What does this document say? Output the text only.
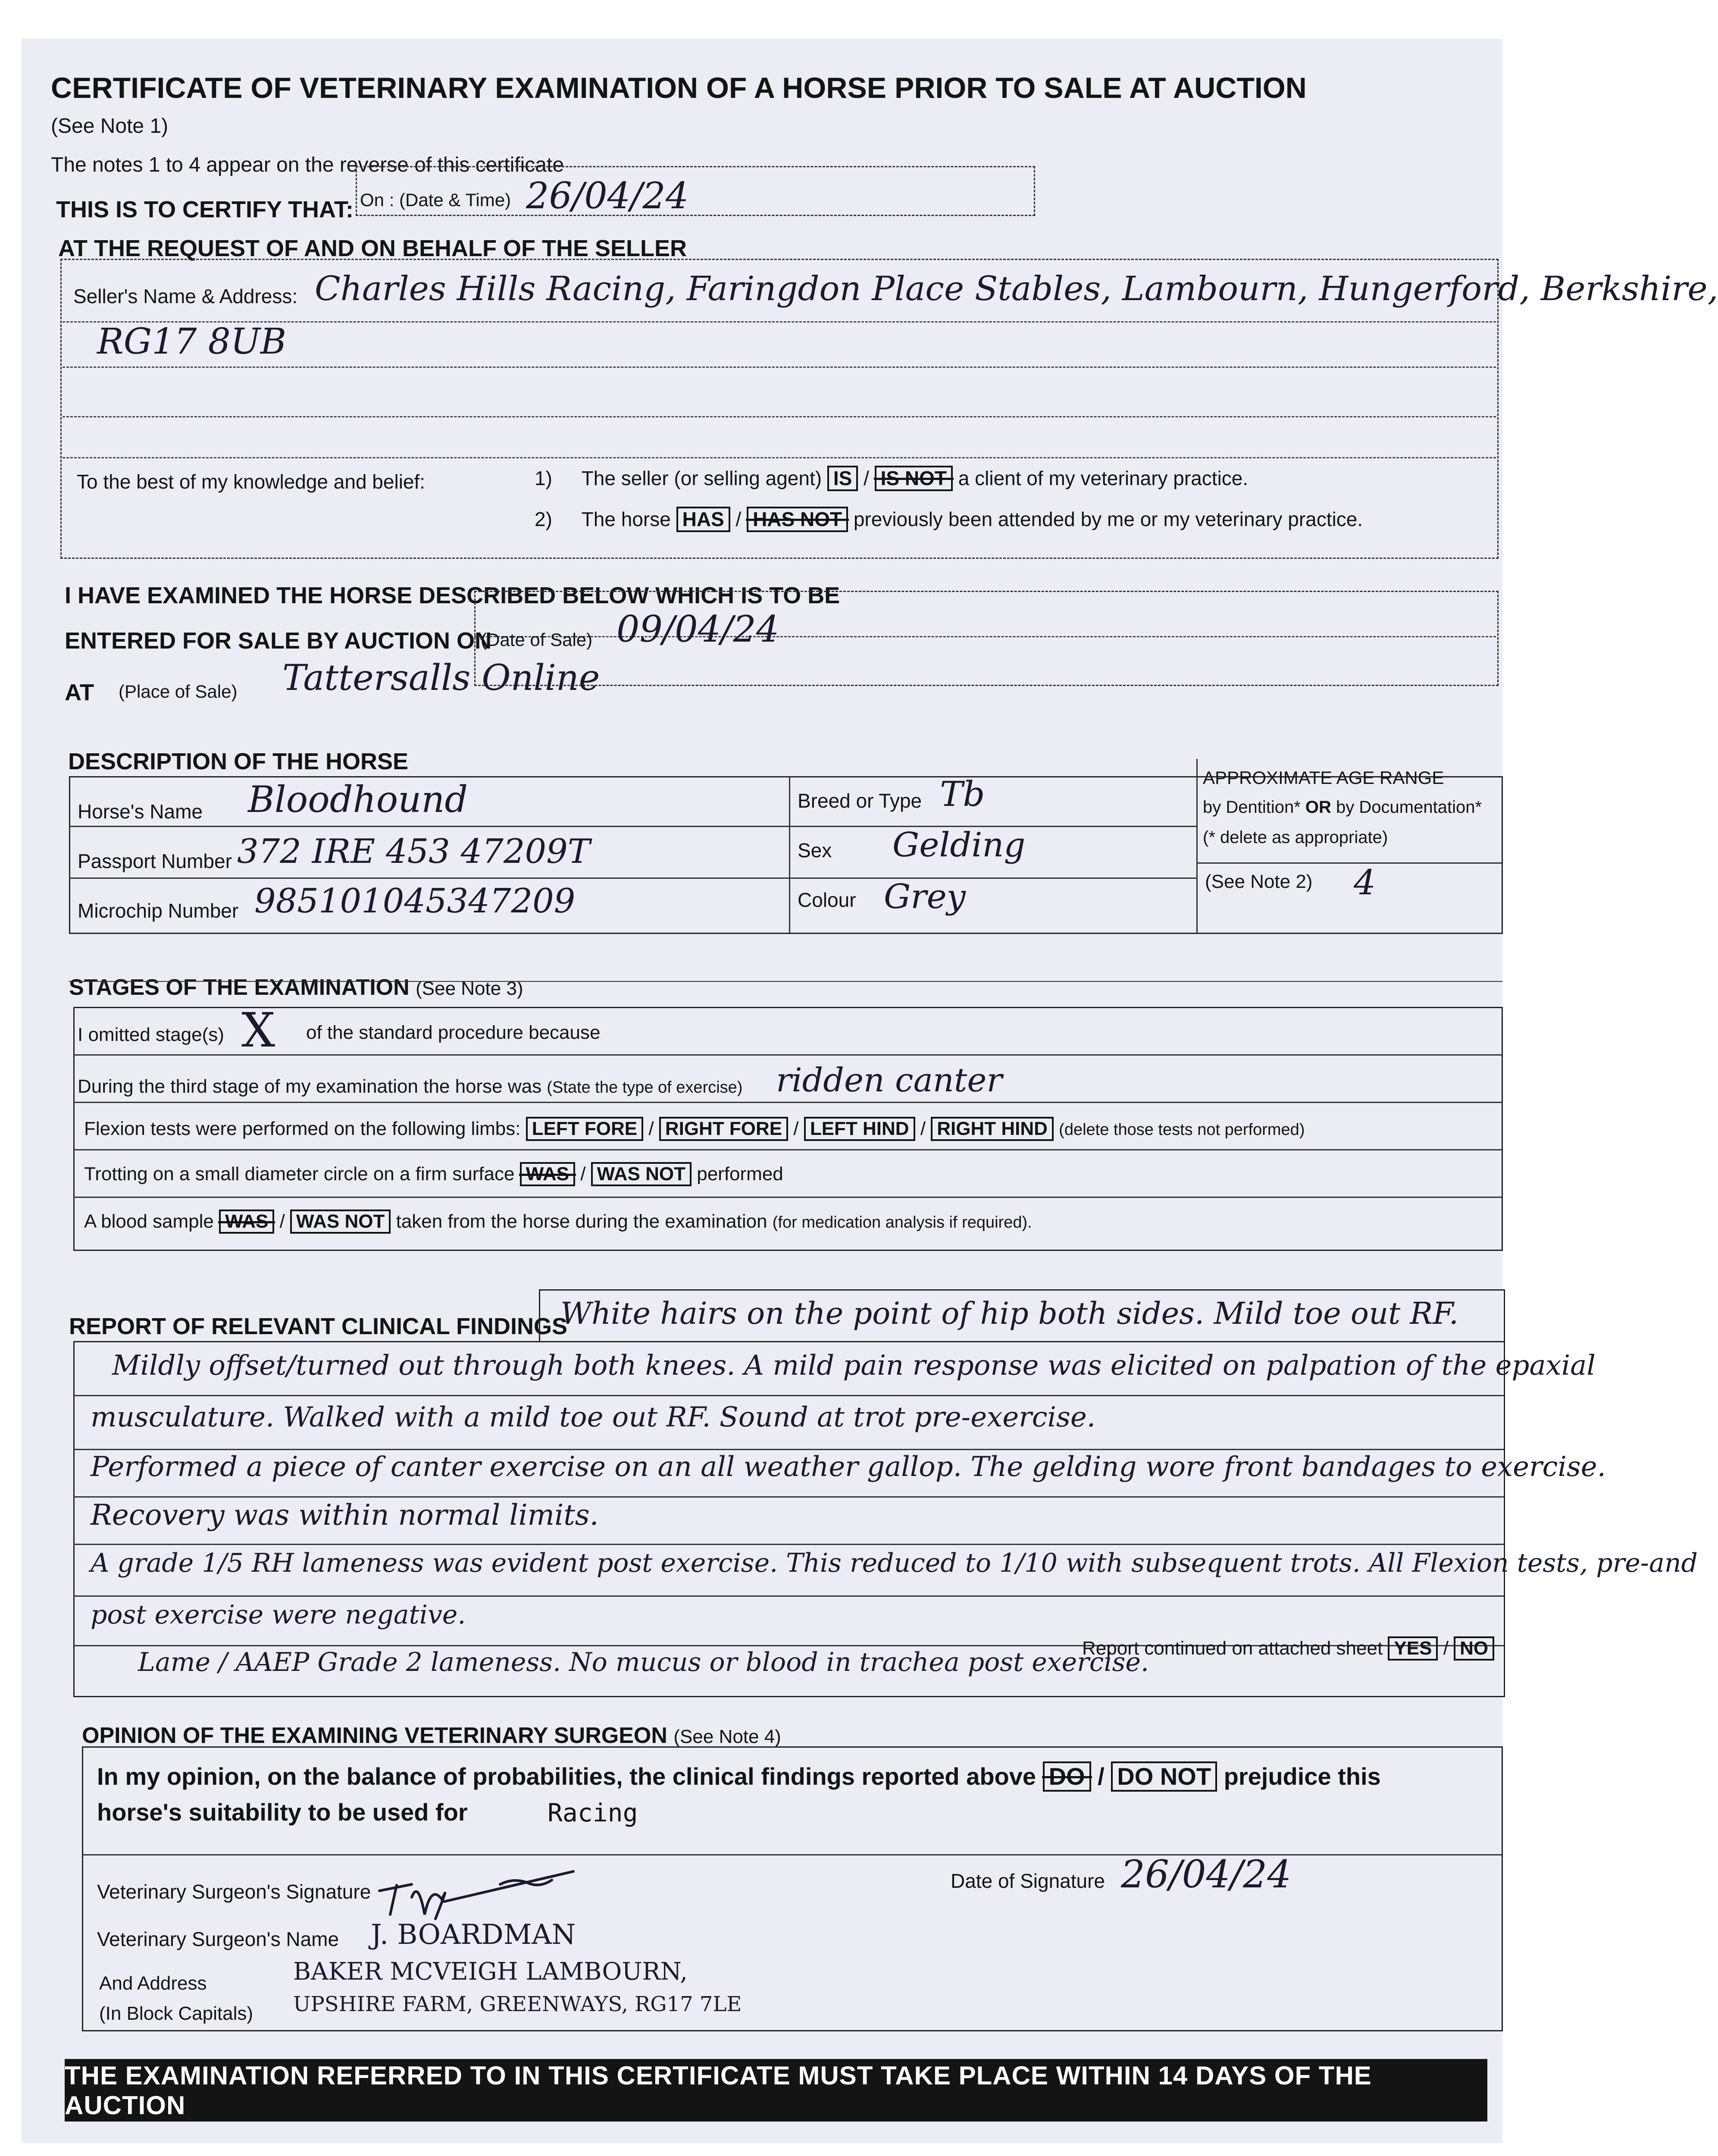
CERTIFICATE OF VETERINARY EXAMINATION OF A HORSE PRIOR TO SALE AT AUCTION
(See Note 1)
The notes 1 to 4 appear on the reverse of this certificate
THIS IS TO CERTIFY THAT: On : (Date & Time) 26/04/24
AT THE REQUEST OF AND ON BEHALF OF THE SELLER
Seller's Name & Address: Charles Hills Racing, Faringdon Place Stables, Lambourn, Hungerford, Berkshire,
RG17 8UB
To the best of my knowledge and belief:	1) The seller (or selling agent) IS / IS NOT a client of my veterinary practice.
2) The horse HAS / HAS NOT previously been attended by me or my veterinary practice.
I HAVE EXAMINED THE HORSE DESCRIBED BELOW WHICH IS TO BE
ENTERED FOR SALE BY AUCTION ON
(Date of Sale) 09/04/24
AT (Place of Sale) Tattersalls Online
DESCRIPTION OF THE HORSE
Horse's Name Bloodhound
Passport Number 372 IRE 453 47209T
Microchip Number 985101045347209
Breed or Type Tb
Sex Gelding
Colour Grey
APPROXIMATE AGE RANGE
by Dentition* OR by Documentation*
(* delete as appropriate)
(See Note 2) 4
STAGES OF THE EXAMINATION (See Note 3)
I omitted stage(s) X of the standard procedure because
During the third stage of my examination the horse was (State the type of exercise) ridden canter
Flexion tests were performed on the following limbs: LEFT FORE / RIGHT FORE / LEFT HIND / RIGHT HIND (delete those tests not performed)
Trotting on a small diameter circle on a firm surface WAS / WAS NOT performed
A blood sample WAS / WAS NOT taken from the horse during the examination (for medication analysis if required).
REPORT OF RELEVANT CLINICAL FINDINGS
White hairs on the point of hip both sides. Mild toe out RF.
Mildly offset/turned out through both knees. A mild pain response was elicited on palpation of the epaxial
musculature. Walked with a mild toe out RF. Sound at trot pre-exercise.
Performed a piece of canter exercise on an all weather gallop. The gelding wore front bandages to exercise.
Recovery was within normal limits.
A grade 1/5 RH lameness was evident post exercise. This reduced to 1/10 with subsequent trots. All Flexion tests, pre-and
post exercise were negative.
Lame / AAEP Grade 2 lameness. No mucus or blood in trachea post exercise.
Report continued on attached sheet YES / NO
OPINION OF THE EXAMINING VETERINARY SURGEON (See Note 4)
In my opinion, on the balance of probabilities, the clinical findings reported above DO / DO NOT prejudice this
horse's suitability to be used for	Racing
Veterinary Surgeon's Signature	Date of Signature 26/04/24
Veterinary Surgeon's Name J. BOARDMAN
And Address
(In Block Capitals)
BAKER MCVEIGH LAMBOURN,
UPSHIRE FARM, GREENWAYS, RG17 7LE
THE EXAMINATION REFERRED TO IN THIS CERTIFICATE MUST TAKE PLACE WITHIN 14 DAYS OF THE AUCTION
